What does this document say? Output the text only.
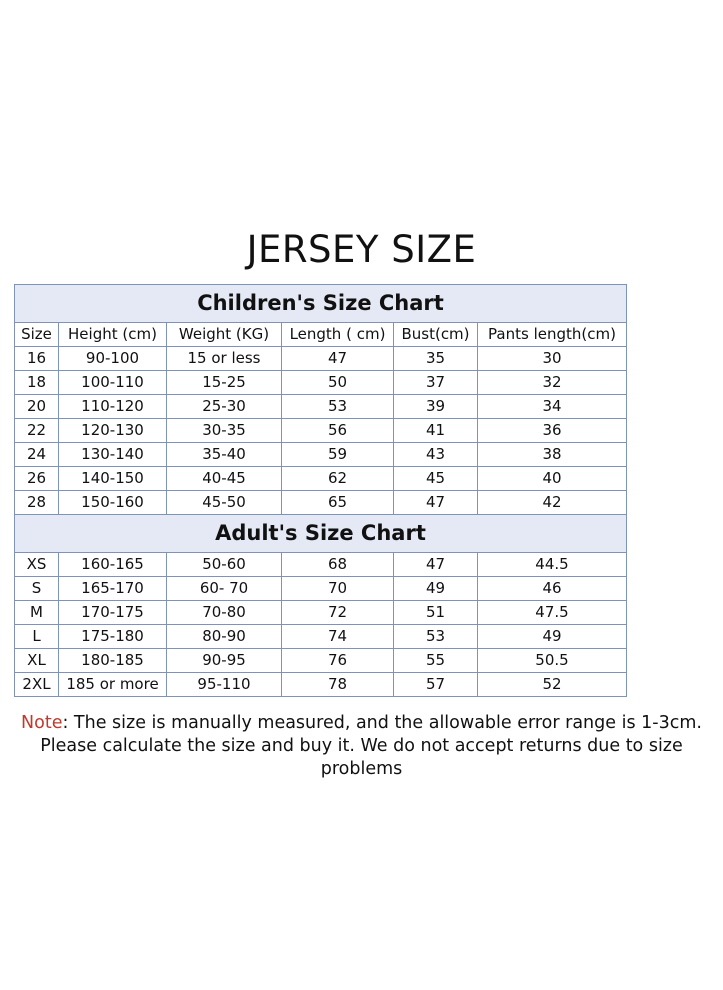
JERSEY SIZE
Children's Size Chart
Size	Height (cm)	Weight (KG)	Length ( cm)	Bust(cm)	Pants length(cm)
16	90-100	15 or less	47	35	30
18	100-110	15-25	50	37	32
20	110-120	25-30	53	39	34
22	120-130	30-35	56	41	36
24	130-140	35-40	59	43	38
26	140-150	40-45	62	45	40
28	150-160	45-50	65	47	42
Adult's Size Chart
XS	160-165	50-60	68	47	44.5
S	165-170	60- 70	70	49	46
M	170-175	70-80	72	51	47.5
L	175-180	80-90	74	53	49
XL	180-185	90-95	76	55	50.5
2XL	185 or more	95-110	78	57	52
Note: The size is manually measured, and the allowable error range is 1-3cm. Please calculate the size and buy it. We do not accept returns due to size problems
